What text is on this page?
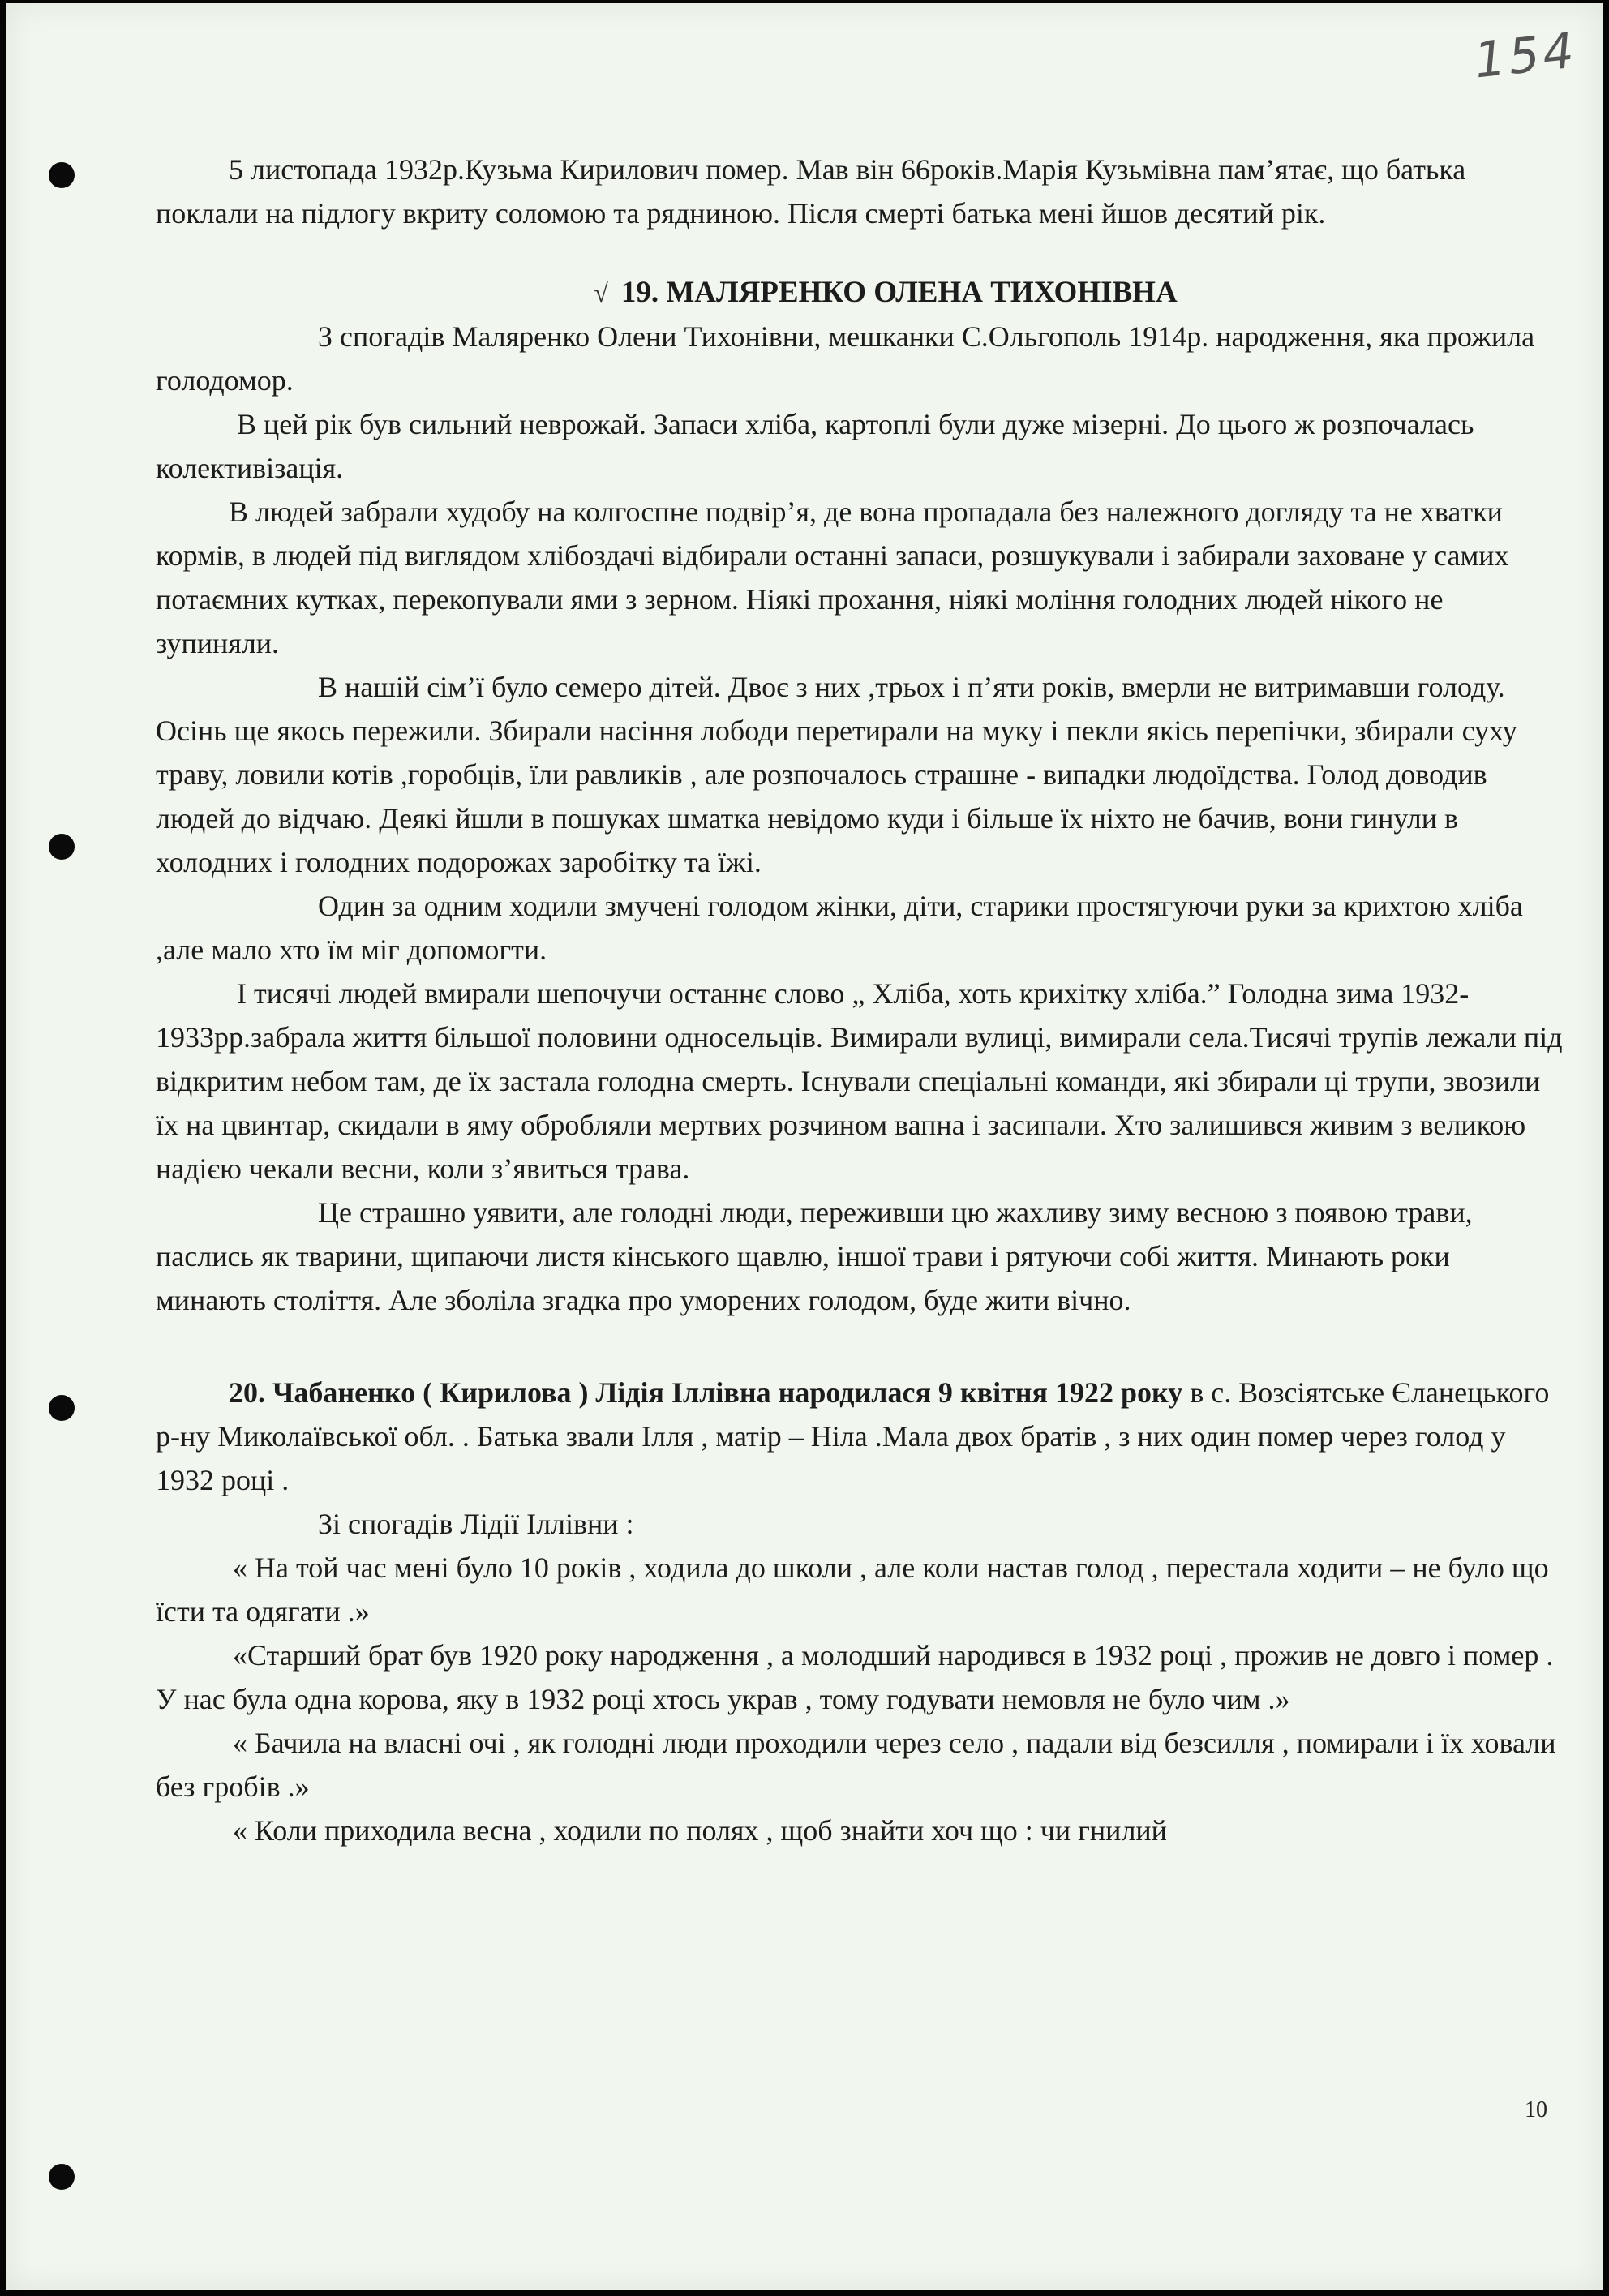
154

5 листопада 1932р.Кузьма Кирилович помер. Мав він 66років.Марія Кузьмівна пам’ятає, що батька поклали на підлогу вкриту соломою та рядниною. Після смерті батька мені йшов десятий рік.

√ 19. МАЛЯРЕНКО ОЛЕНА ТИХОНІВНА

З спогадів Маляренко Олени Тихонівни, мешканки С.Ольгополь 1914р. народження, яка прожила голодомор.

В цей рік був сильний неврожай. Запаси хліба, картоплі були дуже мізерні. До цього ж розпочалась колективізація.

В людей забрали худобу на колгоспне подвір’я, де вона пропадала без належного догляду та не хватки кормів, в людей під виглядом хлібоздачі відбирали останні запаси, розшукували і забирали заховане у самих потаємних кутках, перекопували ями з зерном. Ніякі прохання, ніякі моління голодних людей нікого не зупиняли.

В нашій сім’ї було семеро дітей. Двоє з них ,трьох і п’яти років, вмерли не витримавши голоду. Осінь ще якось пережили. Збирали насіння лободи перетирали на муку і пекли якісь перепічки, збирали суху траву, ловили котів ,горобців, їли равликів , але розпочалось страшне - випадки людоїдства. Голод доводив людей до відчаю. Деякі йшли в пошуках шматка невідомо куди і більше їх ніхто не бачив, вони гинули в холодних і голодних подорожах заробітку та їжі.

Один за одним ходили змучені голодом жінки, діти, старики простягуючи руки за крихтою хліба ,але мало хто їм міг допомогти.

І тисячі людей вмирали шепочучи останнє слово „ Хліба, хоть крихітку хліба.” Голодна зима 1932-1933рр.забрала життя більшої половини односельців. Вимирали вулиці, вимирали села.Тисячі трупів лежали під відкритим небом там, де їх застала голодна смерть. Існували спеціальні команди, які збирали ці трупи, звозили їх на цвинтар, скидали в яму обробляли мертвих розчином вапна і засипали. Хто залишився живим з великою надією чекали весни, коли з’явиться трава.

Це страшно уявити, але голодні люди, переживши цю жахливу зиму весною з появою трави, паслись як тварини, щипаючи листя кінського щавлю, іншої трави і рятуючи собі життя. Минають роки минають століття. Але зболіла згадка про уморених голодом, буде жити вічно.

20. Чабаненко ( Кирилова ) Лідія Іллівна народилася 9 квітня 1922 року в с. Возсіятське Єланецького р-ну Миколаївської обл. . Батька звали Ілля , матір – Ніла .Мала двох братів , з них один помер через голод у 1932 році .

Зі спогадів Лідії Іллівни :

« На той час мені було 10 років , ходила до школи , але коли настав голод , перестала ходити – не було що їсти та одягати .»

«Старший брат був 1920 року народження , а молодший народився в 1932 році , прожив не довго і помер . У нас була одна корова, яку в 1932 році хтось украв , тому годувати немовля не було чим .»

« Бачила на власні очі , як голодні люди проходили через село , падали від безсилля , помирали і їх ховали без гробів .»

« Коли приходила весна , ходили по полях , щоб знайти хоч що : чи гнилий

10
